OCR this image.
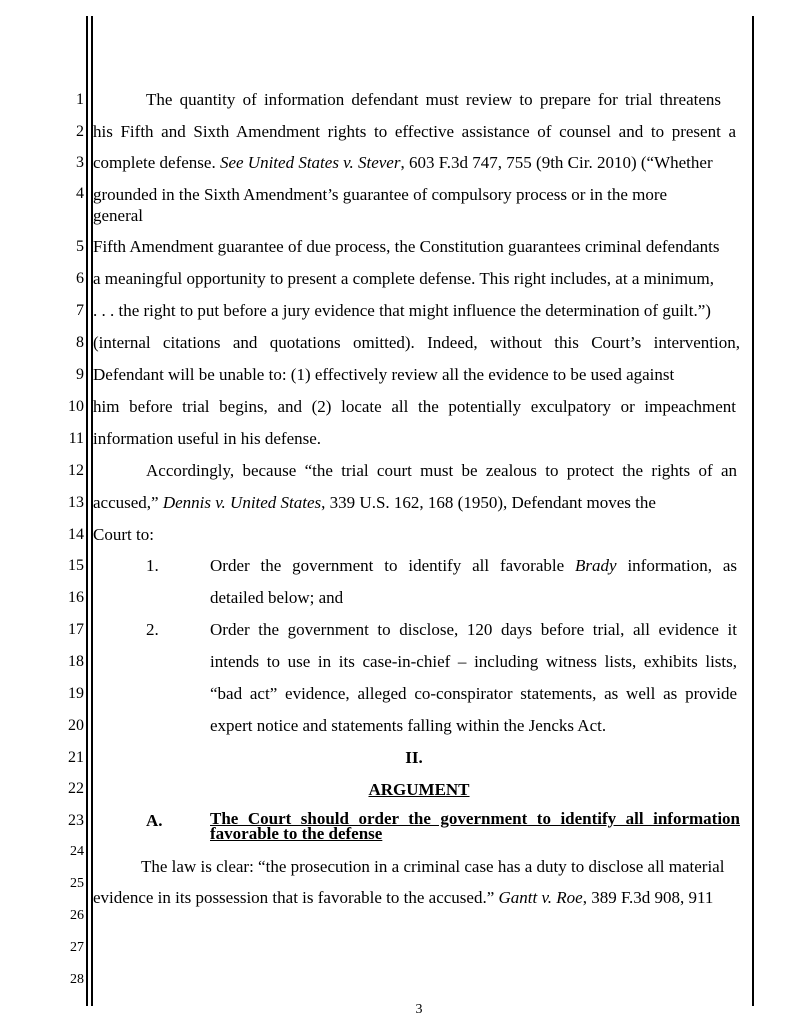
1
2
3
4
5
6
7
8
9
10
11
12
13
14
15
16
17
18
19
20
21
22
23
24
25
26
27
28
The quantity of information defendant must review to prepare for trial threatens
his Fifth and Sixth Amendment rights to effective assistance of counsel and to present a
complete defense. See United States v. Stever, 603 F.3d 747, 755 (9th Cir. 2010) (“Whether
grounded in the Sixth Amendment’s guarantee of compulsory process or in the more
general
Fifth Amendment guarantee of due process, the Constitution guarantees criminal defendants
a meaningful opportunity to present a complete defense. This right includes, at a minimum,
. . . the right to put before a jury evidence that might influence the determination of guilt.”)
(internal citations and quotations omitted). Indeed, without this Court’s intervention,
Defendant will be unable to: (1) effectively review all the evidence to be used against
him before trial begins, and (2) locate all the potentially exculpatory or impeachment
information useful in his defense.
Accordingly, because “the trial court must be zealous to protect the rights of an
accused,” Dennis v. United States, 339 U.S. 162, 168 (1950), Defendant moves the
Court to:
1.	Order the government to identify all favorable Brady information, as
detailed below; and
2.	Order the government to disclose, 120 days before trial, all evidence it
intends to use in its case-in-chief – including witness lists, exhibits lists,
“bad act” evidence, alleged co-conspirator statements, as well as provide
expert notice and statements falling within the Jencks Act.
II.
ARGUMENT
A.	The Court should order the government to identify all information favorable to the defense
The law is clear: “the prosecution in a criminal case has a duty to disclose all material
evidence in its possession that is favorable to the accused.” Gantt v. Roe, 389 F.3d 908, 911
3
